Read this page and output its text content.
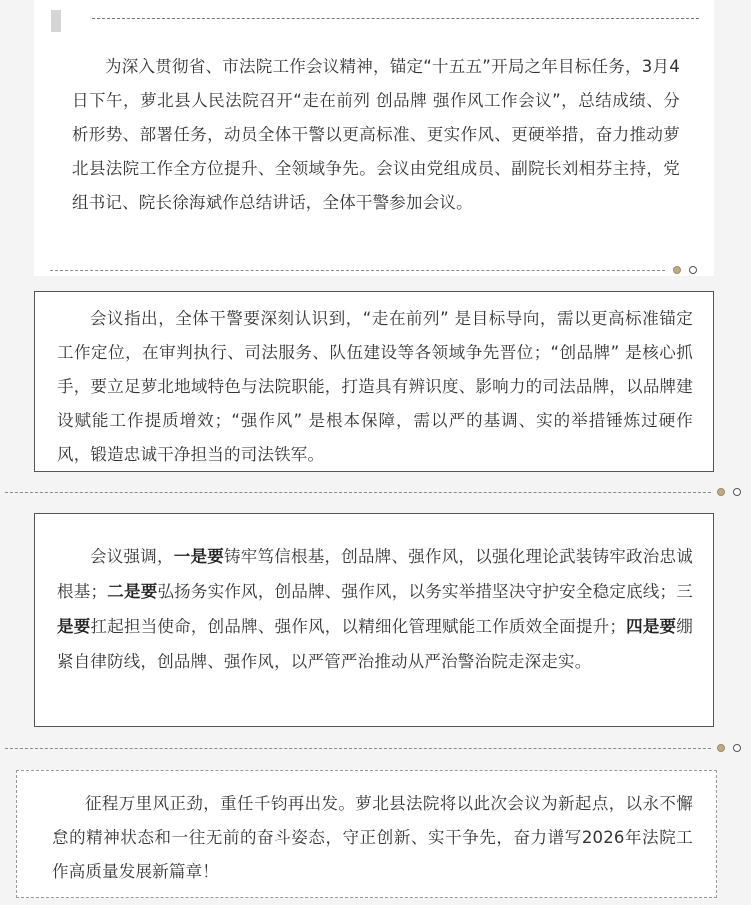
为深入贯彻省、市法院工作会议精神，锚定“十五五”开局之年目标任务，3月4日下午，萝北县人民法院召开“走在前列 创品牌 强作风工作会议”，总结成绩、分析形势、部署任务，动员全体干警以更高标准、更实作风、更硬举措，奋力推动萝北县法院工作全方位提升、全领域争先。会议由党组成员、副院长刘相芬主持，党组书记、院长徐海斌作总结讲话，全体干警参加会议。

会议指出，全体干警要深刻认识到，“走在前列” 是目标导向，需以更高标准锚定工作定位，在审判执行、司法服务、队伍建设等各领域争先晋位；“创品牌” 是核心抓手，要立足萝北地域特色与法院职能，打造具有辨识度、影响力的司法品牌，以品牌建设赋能工作提质增效；“强作风” 是根本保障，需以严的基调、实的举措锤炼过硬作风，锻造忠诚干净担当的司法铁军。

会议强调，一是要铸牢笃信根基，创品牌、强作风，以强化理论武装铸牢政治忠诚根基；二是要弘扬务实作风，创品牌、强作风，以务实举措坚决守护安全稳定底线；三是要扛起担当使命，创品牌、强作风，以精细化管理赋能工作质效全面提升；四是要绷紧自律防线，创品牌、强作风，以严管严治推动从严治警治院走深走实。

征程万里风正劲，重任千钧再出发。萝北县法院将以此次会议为新起点，以永不懈怠的精神状态和一往无前的奋斗姿态，守正创新、实干争先，奋力谱写2026年法院工作高质量发展新篇章！
